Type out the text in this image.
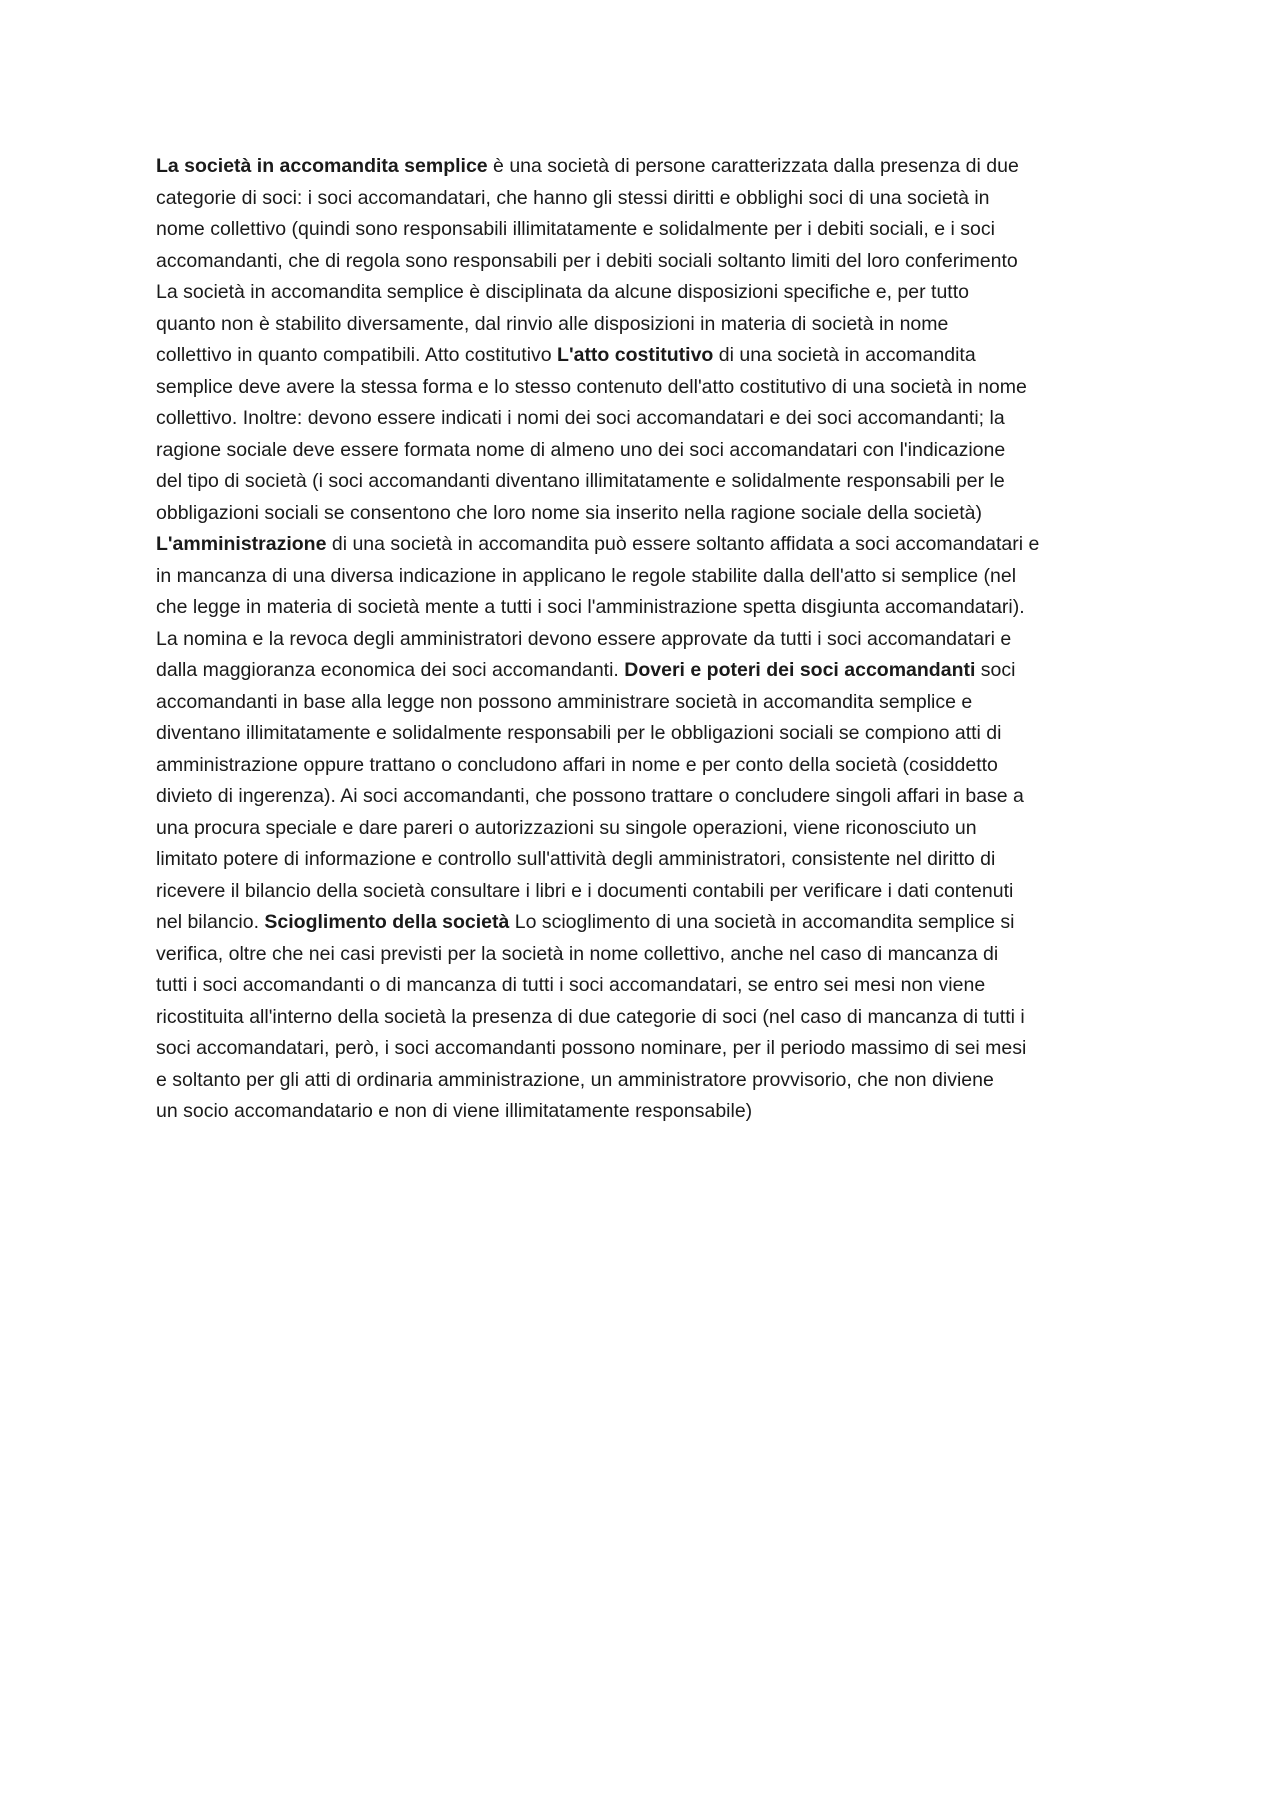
La società in accomandita semplice è una società di persone caratterizzata dalla presenza di due
categorie di soci: i soci accomandatari, che hanno gli stessi diritti e obblighi soci di una società in
nome collettivo (quindi sono responsabili illimitatamente e solidalmente per i debiti sociali, e i soci
accomandanti, che di regola sono responsabili per i debiti sociali soltanto limiti del loro conferimento
La società in accomandita semplice è disciplinata da alcune disposizioni specifiche e, per tutto
quanto non è stabilito diversamente, dal rinvio alle disposizioni in materia di società in nome
collettivo in quanto compatibili. Atto costitutivo L'atto costitutivo di una società in accomandita
semplice deve avere la stessa forma e lo stesso contenuto dell'atto costitutivo di una società in nome
collettivo. Inoltre: devono essere indicati i nomi dei soci accomandatari e dei soci accomandanti; la
ragione sociale deve essere formata nome di almeno uno dei soci accomandatari con l'indicazione
del tipo di società (i soci accomandanti diventano illimitatamente e solidalmente responsabili per le
obbligazioni sociali se consentono che loro nome sia inserito nella ragione sociale della società)
L'amministrazione di una società in accomandita può essere soltanto affidata a soci accomandatari e
in mancanza di una diversa indicazione in applicano le regole stabilite dalla dell'atto si semplice (nel
che legge in materia di società mente a tutti i soci l'amministrazione spetta disgiunta accomandatari).
La nomina e la revoca degli amministratori devono essere approvate da tutti i soci accomandatari e
dalla maggioranza economica dei soci accomandanti. Doveri e poteri dei soci accomandanti soci
accomandanti in base alla legge non possono amministrare società in accomandita semplice e
diventano illimitatamente e solidalmente responsabili per le obbligazioni sociali se compiono atti di
amministrazione oppure trattano o concludono affari in nome e per conto della società (cosiddetto
divieto di ingerenza). Ai soci accomandanti, che possono trattare o concludere singoli affari in base a
una procura speciale e dare pareri o autorizzazioni su singole operazioni, viene riconosciuto un
limitato potere di informazione e controllo sull'attività degli amministratori, consistente nel diritto di
ricevere il bilancio della società consultare i libri e i documenti contabili per verificare i dati contenuti
nel bilancio. Scioglimento della società Lo scioglimento di una società in accomandita semplice si
verifica, oltre che nei casi previsti per la società in nome collettivo, anche nel caso di mancanza di
tutti i soci accomandanti o di mancanza di tutti i soci accomandatari, se entro sei mesi non viene
ricostituita all'interno della società la presenza di due categorie di soci (nel caso di mancanza di tutti i
soci accomandatari, però, i soci accomandanti possono nominare, per il periodo massimo di sei mesi
e soltanto per gli atti di ordinaria amministrazione, un amministratore provvisorio, che non diviene
un socio accomandatario e non di viene illimitatamente responsabile)
